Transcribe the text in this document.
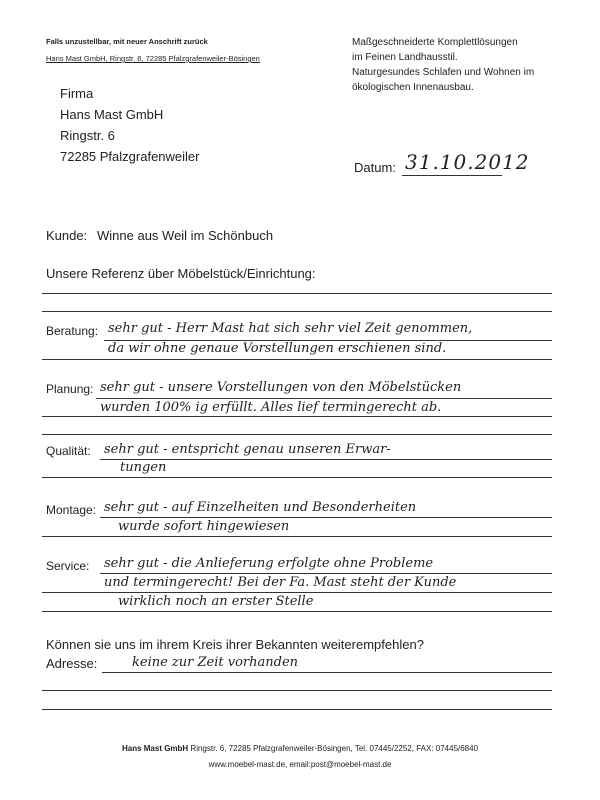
Falls unzustellbar, mit neuer Anschrift zurück
Hans Mast GmbH, Ringstr. 6, 72285 Pfalzgrafenweiler-Bösingen
Maßgeschneiderte Komplettlösungen
im Feinen Landhausstil.
Naturgesundes Schlafen und Wohnen im
ökologischen Innenausbau.
Firma
Hans Mast GmbH
Ringstr. 6
72285 Pfalzgrafenweiler
Datum: 31.10.2012
Kunde: Winne aus Weil im Schönbuch
Unsere Referenz über Möbelstück/Einrichtung:
Beratung: sehr gut - Herr Mast hat sich sehr viel Zeit genommen,
da wir ohne genaue Vorstellungen erschienen sind.
Planung: sehr gut - unsere Vorstellungen von den Möbelstücken
wurden 100% ig erfüllt. Alles lief termingerecht ab.
Qualität: sehr gut - entspricht genau unseren Erwar-
tungen
Montage: sehr gut - auf Einzelheiten und Besonderheiten
wurde sofort hingewiesen
Service: sehr gut - die Anlieferung erfolgte ohne Probleme
und termingerecht! Bei der Fa. Mast steht der Kunde
wirklich noch an erster Stelle
Können sie uns im ihrem Kreis ihrer Bekannten weiterempfehlen?
Adresse:	keine zur Zeit vorhanden
Hans Mast GmbH Ringstr. 6, 72285 Pfalzgrafenweiler-Bösingen, Tel. 07445/2252, FAX: 07445/6840
www.moebel-mast.de, email:post@moebel-mast.de
